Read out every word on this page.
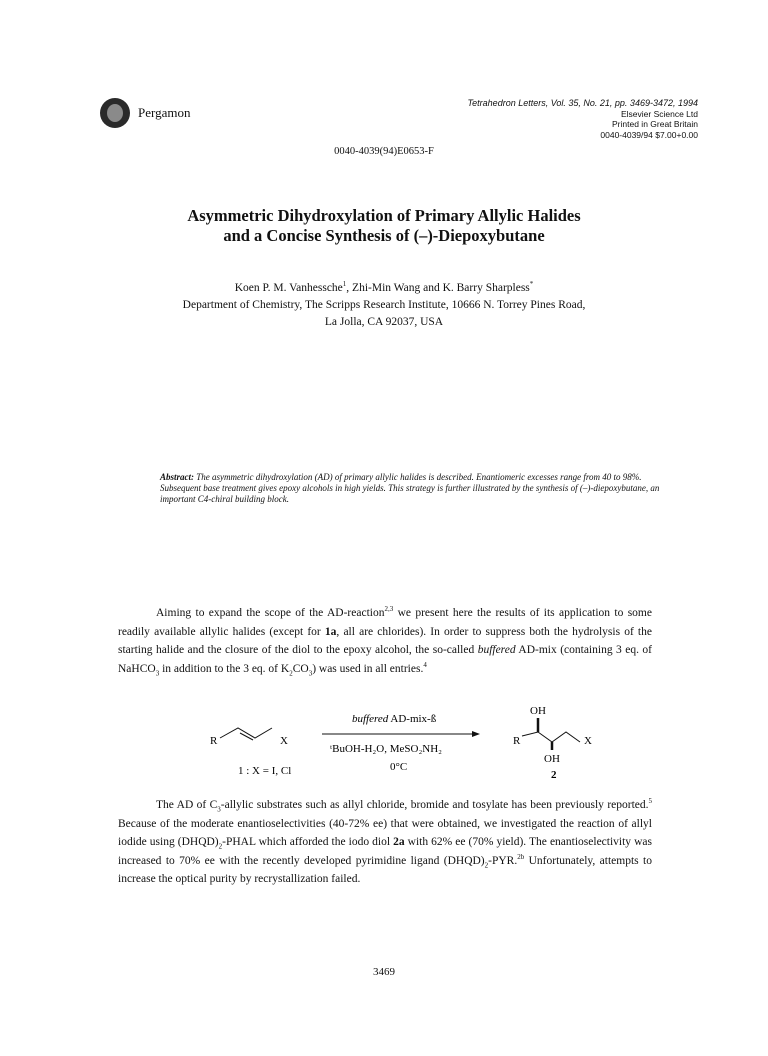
Pergamon
Tetrahedron Letters, Vol. 35, No. 21, pp. 3469-3472, 1994
Elsevier Science Ltd
Printed in Great Britain
0040-4039/94 $7.00+0.00
0040-4039(94)E0653-F
Asymmetric Dihydroxylation of Primary Allylic Halides
and a Concise Synthesis of (–)-Diepoxybutane
Koen P. M. Vanhessche$^1$, Zhi-Min Wang and K. Barry Sharpless*
Department of Chemistry, The Scripps Research Institute, 10666 N. Torrey Pines Road,
La Jolla, CA 92037, USA
Abstract: The asymmetric dihydroxylation (AD) of primary allylic halides is described. Enantiomeric excesses range from 40 to 98%. Subsequent base treatment gives epoxy alcohols in high yields. This strategy is further illustrated by the synthesis of (–)-diepoxybutane, an important C4-chiral building block.
Aiming to expand the scope of the AD-reaction$^{2,3}$ we present here the results of its application to some readily available allylic halides (except for 1a, all are chlorides). In order to suppress both the hydrolysis of the starting halide and the closure of the diol to the epoxy alcohol, the so-called buffered AD-mix (containing 3 eq. of NaHCO$_3$ in addition to the 3 eq. of $K_2CO_3$) was used in all entries.$^4$
R	X
1 : X = I, Cl
buffered AD-mix-ß
ᵗBuOH-H₂O, MeSO₂NH₂
0°C
OH
R	X
OH
2
The AD of $C_3$-allylic substrates such as allyl chloride, bromide and tosylate has been previously reported.$^5$ Because of the moderate enantioselectivities (40-72% ee) that were obtained, we investigated the reaction of allyl iodide using $(DHQD)_2$-PHAL which afforded the iodo diol 2a with 62% ee (70% yield). The enantioselectivity was increased to 70% ee with the recently developed pyrimidine ligand $(DHQD)_2-PYR.^{2b}$ Unfortunately, attempts to increase the optical purity by recrystallization failed.
3469
